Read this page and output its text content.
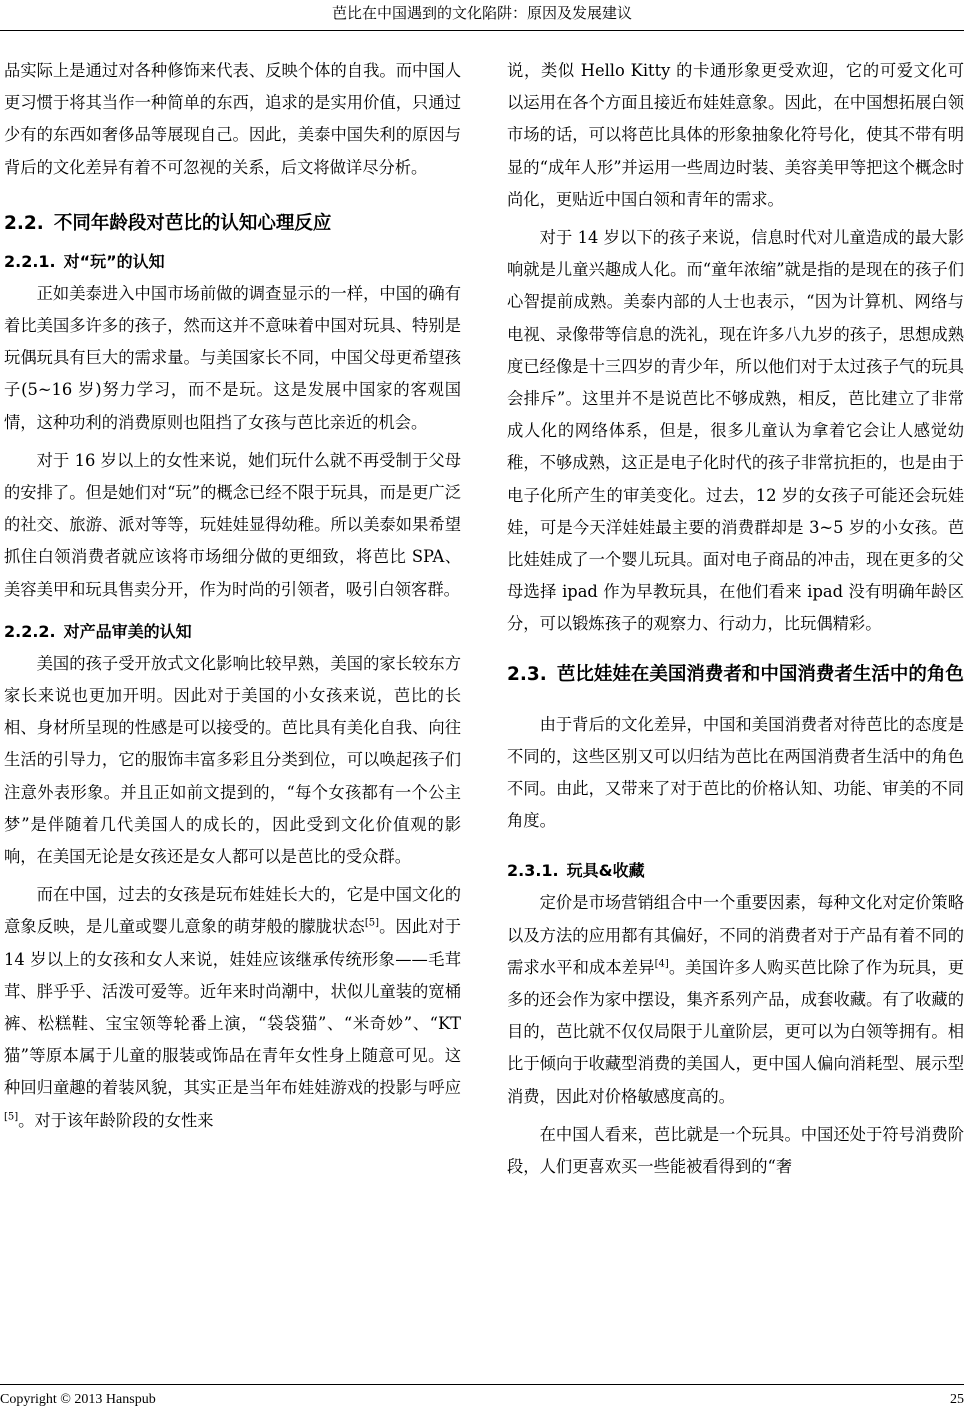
芭比在中国遇到的文化陷阱：原因及发展建议

品实际上是通过对各种修饰来代表、反映个体的自我。而中国人更习惯于将其当作一种简单的东西，追求的是实用价值，只通过少有的东西如奢侈品等展现自己。因此，美泰中国失利的原因与背后的文化差异有着不可忽视的关系，后文将做详尽分析。

2.2. 不同年龄段对芭比的认知心理反应
2.2.1. 对“玩”的认知

正如美泰进入中国市场前做的调查显示的一样，中国的确有着比美国多许多的孩子，然而这并不意味着中国对玩具、特别是玩偶玩具有巨大的需求量。与美国家长不同，中国父母更希望孩子(5~16 岁)努力学习，而不是玩。这是发展中国家的客观国情，这种功利的消费原则也阻挡了女孩与芭比亲近的机会。

对于 16 岁以上的女性来说，她们玩什么就不再受制于父母的安排了。但是她们对“玩”的概念已经不限于玩具，而是更广泛的社交、旅游、派对等等，玩娃娃显得幼稚。所以美泰如果希望抓住白领消费者就应该将市场细分做的更细致，将芭比 SPA、美容美甲和玩具售卖分开，作为时尚的引领者，吸引白领客群。

2.2.2. 对产品审美的认知

美国的孩子受开放式文化影响比较早熟，美国的家长较东方家长来说也更加开明。因此对于美国的小女孩来说，芭比的长相、身材所呈现的性感是可以接受的。芭比具有美化自我、向往生活的引导力，它的服饰丰富多彩且分类到位，可以唤起孩子们注意外表形象。并且正如前文提到的，“每个女孩都有一个公主梦”是伴随着几代美国人的成长的，因此受到文化价值观的影响，在美国无论是女孩还是女人都可以是芭比的受众群。

而在中国，过去的女孩是玩布娃娃长大的，它是中国文化的意象反映，是儿童或婴儿意象的萌芽般的朦胧状态[5]。因此对于 14 岁以上的女孩和女人来说，娃娃应该继承传统形象——毛茸茸、胖乎乎、活泼可爱等。近年来时尚潮中，状似儿童装的宽桶裤、松糕鞋、宝宝领等轮番上演，“袋袋猫”、“米奇妙”、“KT 猫”等原本属于儿童的服装或饰品在青年女性身上随意可见。这种回归童趣的着装风貌，其实正是当年布娃娃游戏的投影与呼应[5]。对于该年龄阶段的女性来

说，类似 Hello Kitty 的卡通形象更受欢迎，它的可爱文化可以运用在各个方面且接近布娃娃意象。因此，在中国想拓展白领市场的话，可以将芭比具体的形象抽象化符号化，使其不带有明显的“成年人形”并运用一些周边时装、美容美甲等把这个概念时尚化，更贴近中国白领和青年的需求。

对于 14 岁以下的孩子来说，信息时代对儿童造成的最大影响就是儿童兴趣成人化。而“童年浓缩”就是指的是现在的孩子们心智提前成熟。美泰内部的人士也表示，“因为计算机、网络与电视、录像带等信息的洗礼，现在许多八九岁的孩子，思想成熟度已经像是十三四岁的青少年，所以他们对于太过孩子气的玩具会排斥”。这里并不是说芭比不够成熟，相反，芭比建立了非常成人化的网络体系，但是，很多儿童认为拿着它会让人感觉幼稚，不够成熟，这正是电子化时代的孩子非常抗拒的，也是由于电子化所产生的审美变化。过去，12 岁的女孩子可能还会玩娃娃，可是今天洋娃娃最主要的消费群却是 3~5 岁的小女孩。芭比娃娃成了一个婴儿玩具。面对电子商品的冲击，现在更多的父母选择 ipad 作为早教玩具，在他们看来 ipad 没有明确年龄区分，可以锻炼孩子的观察力、行动力，比玩偶精彩。

2.3. 芭比娃娃在美国消费者和中国消费者生活中的角色

由于背后的文化差异，中国和美国消费者对待芭比的态度是不同的，这些区别又可以归结为芭比在两国消费者生活中的角色不同。由此，又带来了对于芭比的价格认知、功能、审美的不同角度。

2.3.1. 玩具&收藏

定价是市场营销组合中一个重要因素，每种文化对定价策略以及方法的应用都有其偏好，不同的消费者对于产品有着不同的需求水平和成本差异[4]。美国许多人购买芭比除了作为玩具，更多的还会作为家中摆设，集齐系列产品，成套收藏。有了收藏的目的，芭比就不仅仅局限于儿童阶层，更可以为白领等拥有。相比于倾向于收藏型消费的美国人，更中国人偏向消耗型、展示型消费，因此对价格敏感度高的。

在中国人看来，芭比就是一个玩具。中国还处于符号消费阶段，人们更喜欢买一些能被看得到的“奢

Copyright © 2013 Hanspub	25
